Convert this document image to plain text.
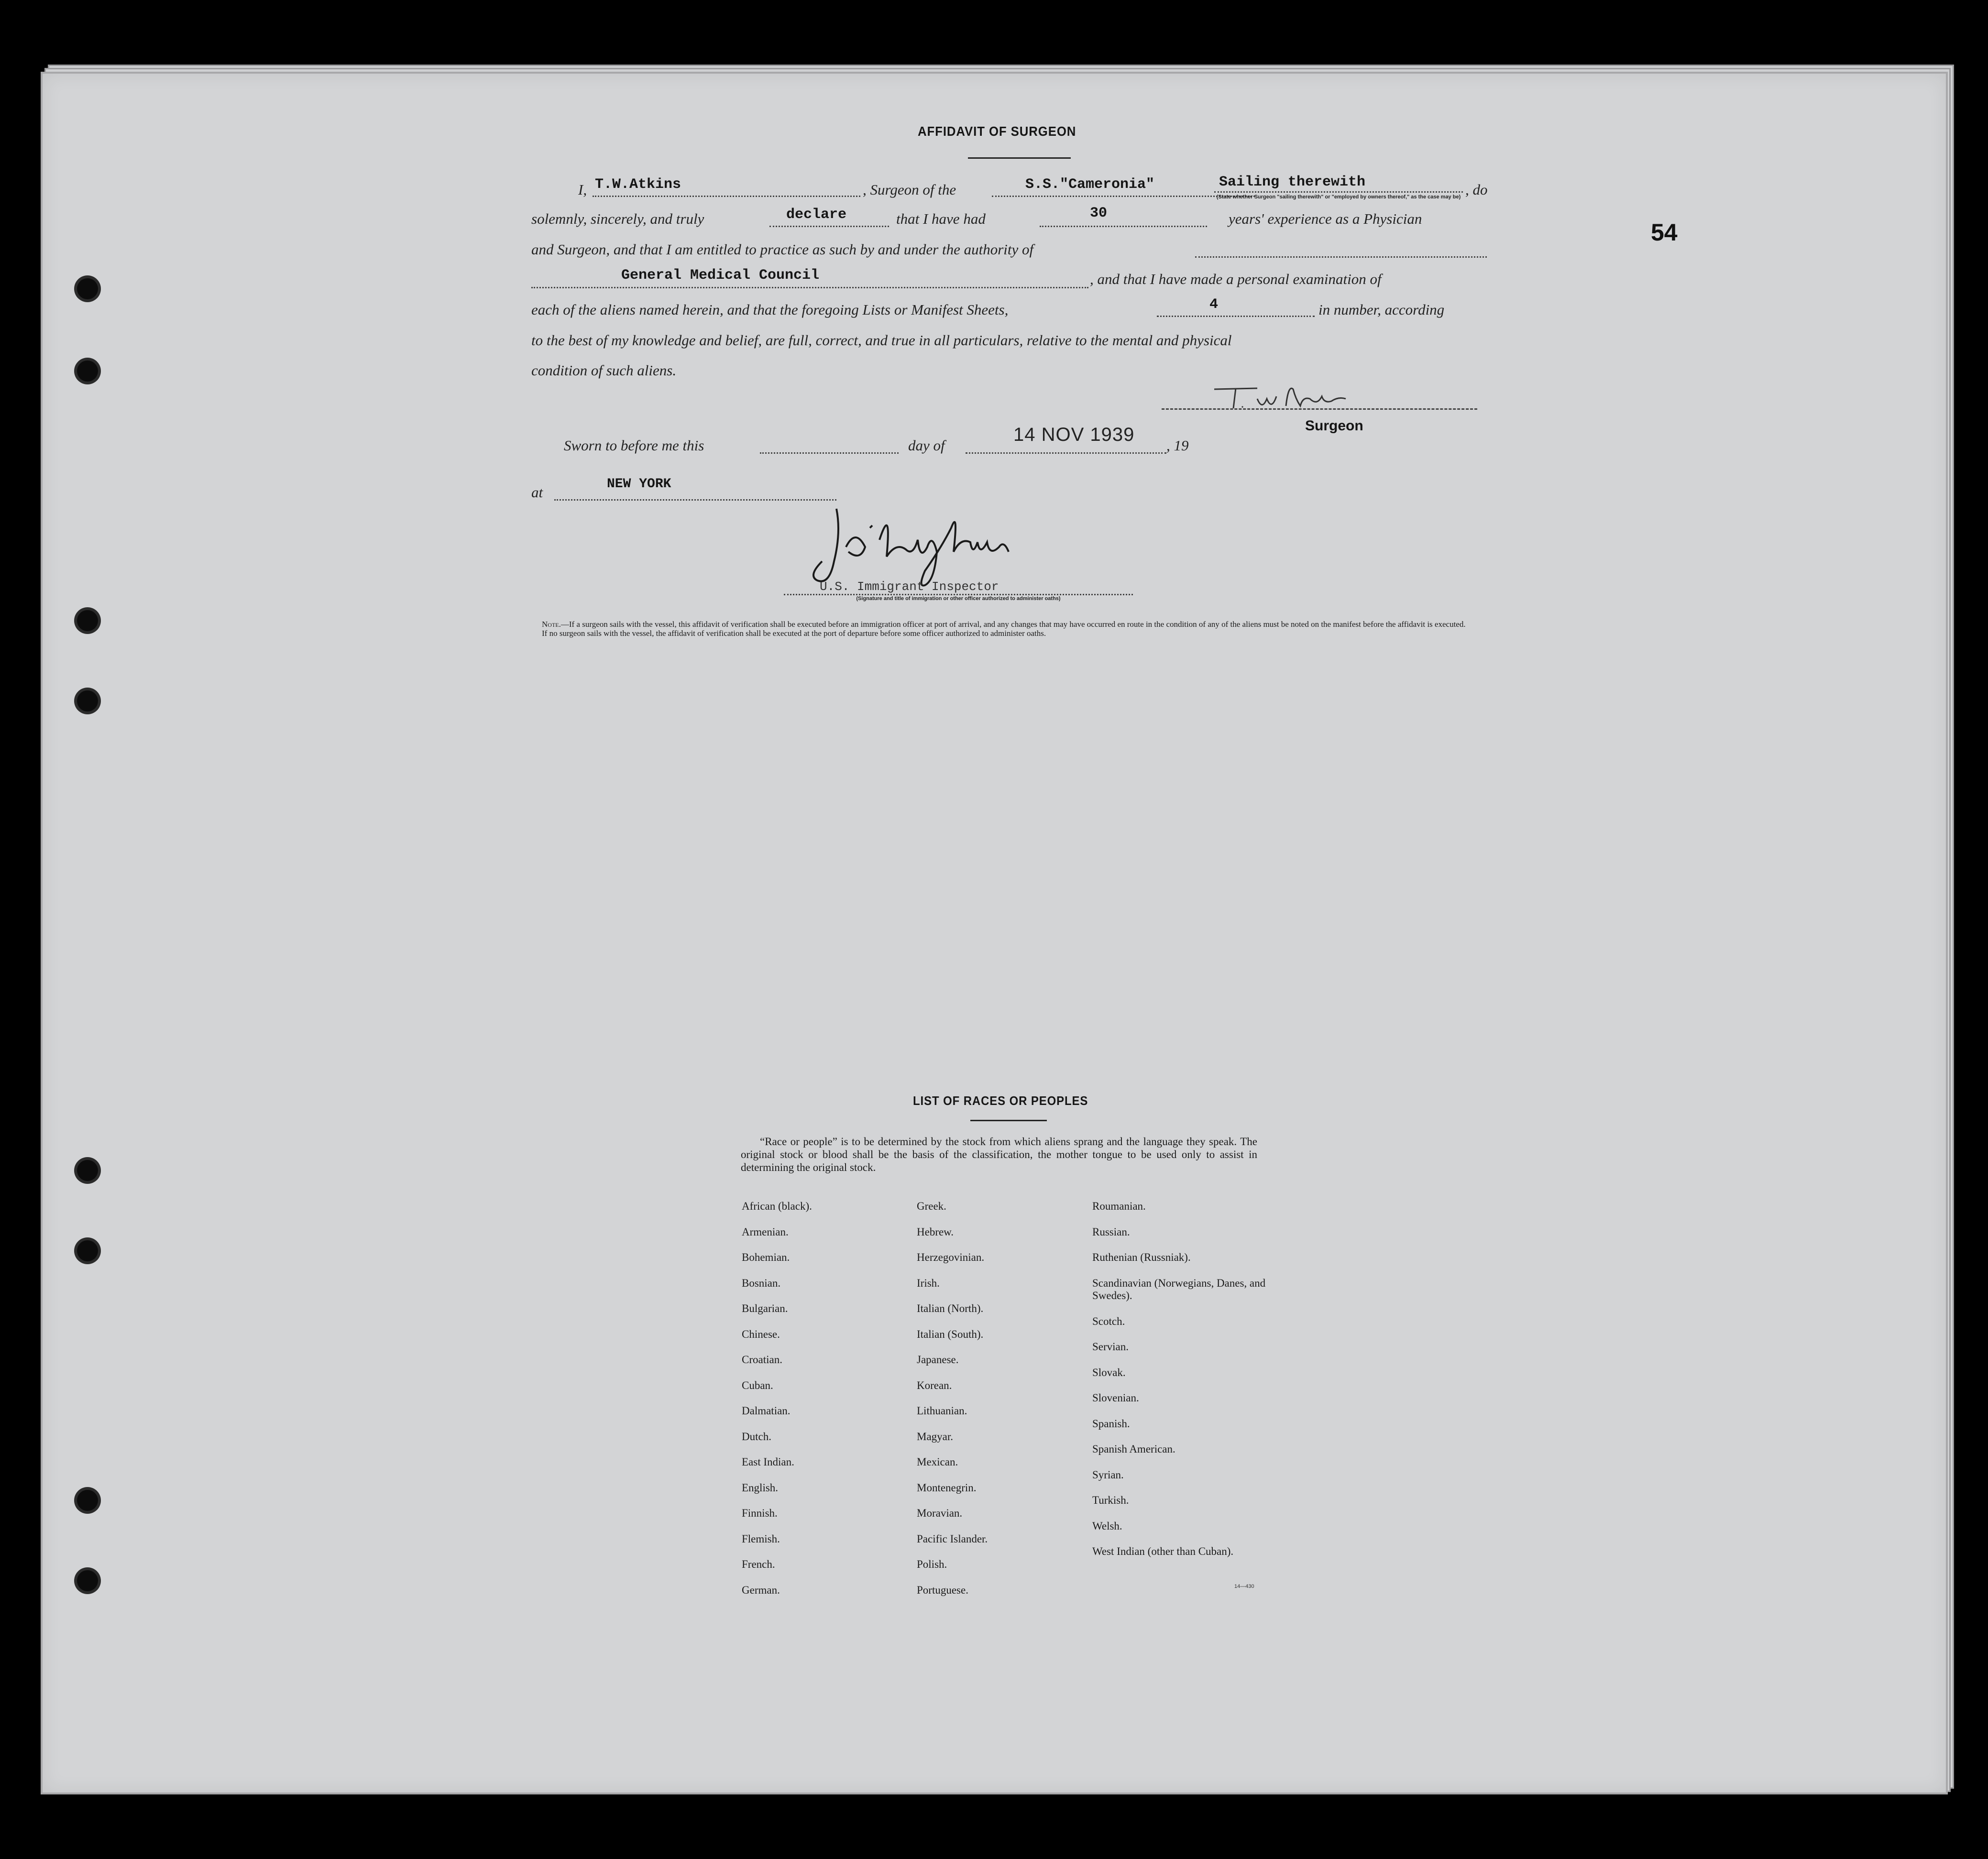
54
AFFIDAVIT OF SURGEON
I, T.W.Atkins	, Surgeon of the	S.S."Cameronia"	Sailing therewith
(State whether Surgeon "sailing therewith" or "employed by owners thereof," as the case may be) , do
solemnly, sincerely, and truly	declare	that I have had	30	years' experience as a Physician
and Surgeon, and that I am entitled to practice as such by and under the authority of
General Medical Council	, and that I have made a personal examination of
each of the aliens named herein, and that the foregoing Lists or Manifest Sheets,	4	in number, according
to the best of my knowledge and belief, are full, correct, and true in all particulars, relative to the mental and physical
condition of such aliens.
Surgeon
Sworn to before me this	day of
14 NOV 1939
, 19
at	NEW YORK
U.S. Immigrant Inspector
(Signature and title of immigration or other officer authorized to administer oaths)
Note.—If a surgeon sails with the vessel, this affidavit of verification shall be executed before an immigration officer at port of arrival, and any changes that may have occurred en route in the condition of any of the aliens must be noted on the manifest before the affidavit is executed.
If no surgeon sails with the vessel, the affidavit of verification shall be executed at the port of departure before some officer authorized to administer oaths.
LIST OF RACES OR PEOPLES
“Race or people” is to be determined by the stock from which aliens sprang and the language they speak. The original stock or blood shall be the basis of the classification, the mother tongue to be used only to assist in determining the original stock.
African (black).
Armenian.
Bohemian.
Bosnian.
Bulgarian.
Chinese.
Croatian.
Cuban.
Dalmatian.
Dutch.
East Indian.
English.
Finnish.
Flemish.
French.
German.
Greek.
Hebrew.
Herzegovinian.
Irish.
Italian (North).
Italian (South).
Japanese.
Korean.
Lithuanian.
Magyar.
Mexican.
Montenegrin.
Moravian.
Pacific Islander.
Polish.
Portuguese.
Roumanian.
Russian.
Ruthenian (Russniak).
Scandinavian (Norwegians, Danes, and Swedes).
Scotch.
Servian.
Slovak.
Slovenian.
Spanish.
Spanish American.
Syrian.
Turkish.
Welsh.
West Indian (other than Cuban).
14—430
